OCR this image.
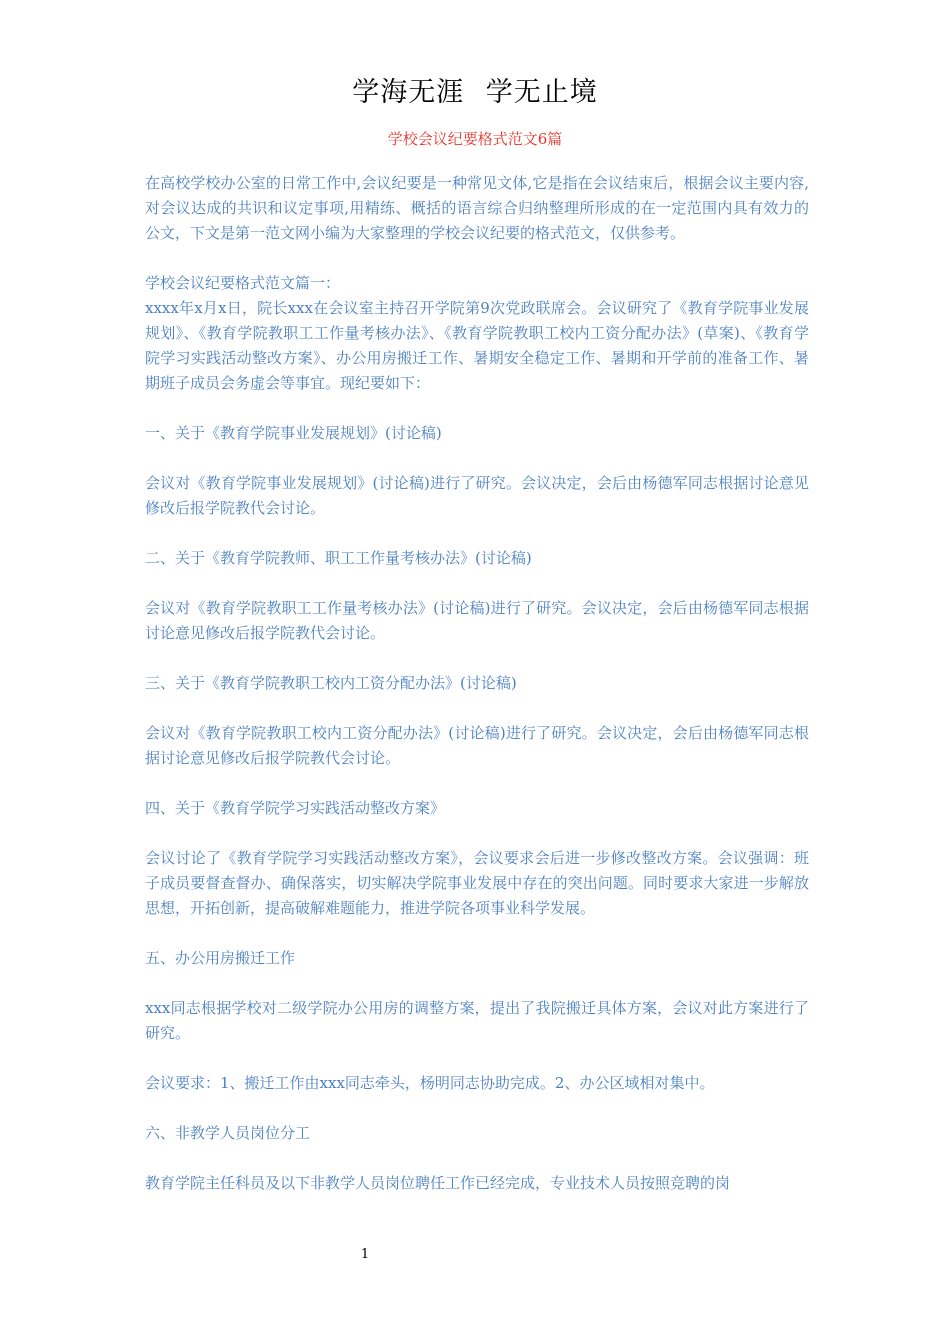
学海无涯 学无止境
学校会议纪要格式范文6篇

在高校学校办公室的日常工作中,会议纪要是一种常见文体,它是指在会议结束后，根据会议主要内容,对会议达成的共识和议定事项,用精练、概括的语言综合归纳整理所形成的在一定范围内具有效力的公文，下文是第一范文网小编为大家整理的学校会议纪要的格式范文，仅供参考。

学校会议纪要格式范文篇一：

xxxx年x月x日，院长xxx在会议室主持召开学院第9次党政联席会。会议研究了《教育学院事业发展规划》、《教育学院教职工工作量考核办法》、《教育学院教职工校内工资分配办法》(草案)、《教育学院学习实践活动整改方案》、办公用房搬迁工作、暑期安全稳定工作、暑期和开学前的准备工作、暑期班子成员会务虚会等事宜。现纪要如下：

一、关于《教育学院事业发展规划》(讨论稿)

会议对《教育学院事业发展规划》(讨论稿)进行了研究。会议决定，会后由杨德军同志根据讨论意见修改后报学院教代会讨论。

二、关于《教育学院教师、职工工作量考核办法》(讨论稿)

会议对《教育学院教职工工作量考核办法》(讨论稿)进行了研究。会议决定，会后由杨德军同志根据讨论意见修改后报学院教代会讨论。

三、关于《教育学院教职工校内工资分配办法》(讨论稿)

会议对《教育学院教职工校内工资分配办法》(讨论稿)进行了研究。会议决定，会后由杨德军同志根据讨论意见修改后报学院教代会讨论。

四、关于《教育学院学习实践活动整改方案》

会议讨论了《教育学院学习实践活动整改方案》，会议要求会后进一步修改整改方案。会议强调：班子成员要督查督办、确保落实，切实解决学院事业发展中存在的突出问题。同时要求大家进一步解放思想，开拓创新，提高破解难题能力，推进学院各项事业科学发展。

五、办公用房搬迁工作

xxx同志根据学校对二级学院办公用房的调整方案，提出了我院搬迁具体方案，会议对此方案进行了研究。

会议要求：1、搬迁工作由xxx同志牵头，杨明同志协助完成。2、办公区域相对集中。

六、非教学人员岗位分工

教育学院主任科员及以下非教学人员岗位聘任工作已经完成，专业技术人员按照竞聘的岗

1
